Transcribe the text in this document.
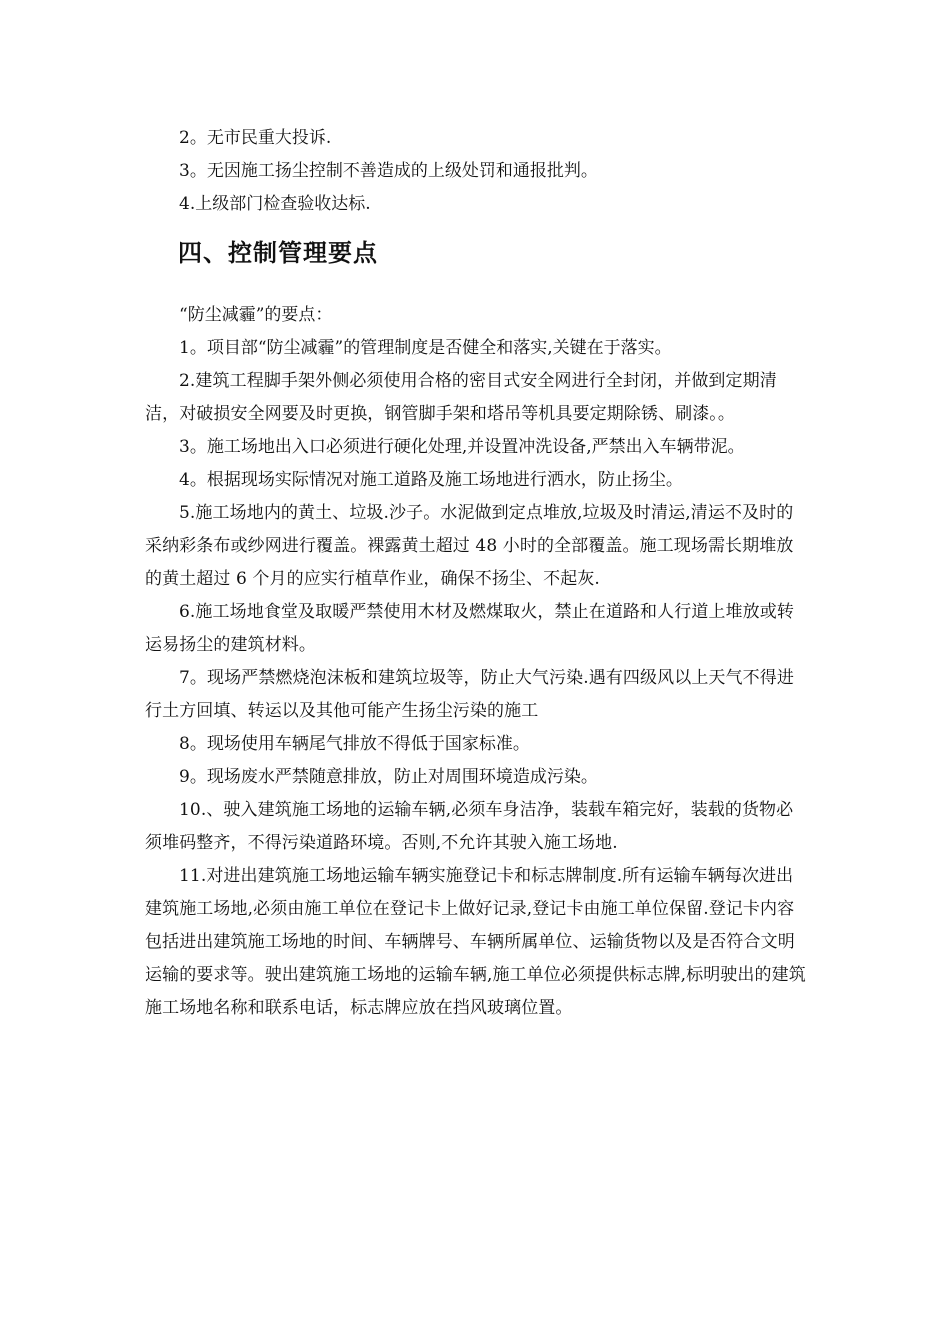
2。无市民重大投诉.

3。无因施工扬尘控制不善造成的上级处罚和通报批判。

4.上级部门检查验收达标.

四、控制管理要点

“防尘减霾”的要点：

1。项目部“防尘减霾”的管理制度是否健全和落实,关键在于落实。

2.建筑工程脚手架外侧必须使用合格的密目式安全网进行全封闭，并做到定期清洁，对破损安全网要及时更换，钢管脚手架和塔吊等机具要定期除锈、刷漆。。

3。施工场地出入口必须进行硬化处理,并设置冲洗设备,严禁出入车辆带泥。

4。根据现场实际情况对施工道路及施工场地进行洒水，防止扬尘。

5.施工场地内的黄土、垃圾.沙子。水泥做到定点堆放,垃圾及时清运,清运不及时的采纳彩条布或纱网进行覆盖。裸露黄土超过 48 小时的全部覆盖。施工现场需长期堆放的黄土超过 6 个月的应实行植草作业，确保不扬尘、不起灰.

6.施工场地食堂及取暖严禁使用木材及燃煤取火，禁止在道路和人行道上堆放或转运易扬尘的建筑材料。

7。现场严禁燃烧泡沫板和建筑垃圾等，防止大气污染.遇有四级风以上天气不得进行土方回填、转运以及其他可能产生扬尘污染的施工

8。现场使用车辆尾气排放不得低于国家标准。

9。现场废水严禁随意排放，防止对周围环境造成污染。

10.、驶入建筑施工场地的运输车辆,必须车身洁净，装载车箱完好，装载的货物必须堆码整齐，不得污染道路环境。否则,不允许其驶入施工场地.

11.对进出建筑施工场地运输车辆实施登记卡和标志牌制度.所有运输车辆每次进出建筑施工场地,必须由施工单位在登记卡上做好记录,登记卡由施工单位保留.登记卡内容包括进出建筑施工场地的时间、车辆牌号、车辆所属单位、运输货物以及是否符合文明运输的要求等。驶出建筑施工场地的运输车辆,施工单位必须提供标志牌,标明驶出的建筑施工场地名称和联系电话，标志牌应放在挡风玻璃位置。
